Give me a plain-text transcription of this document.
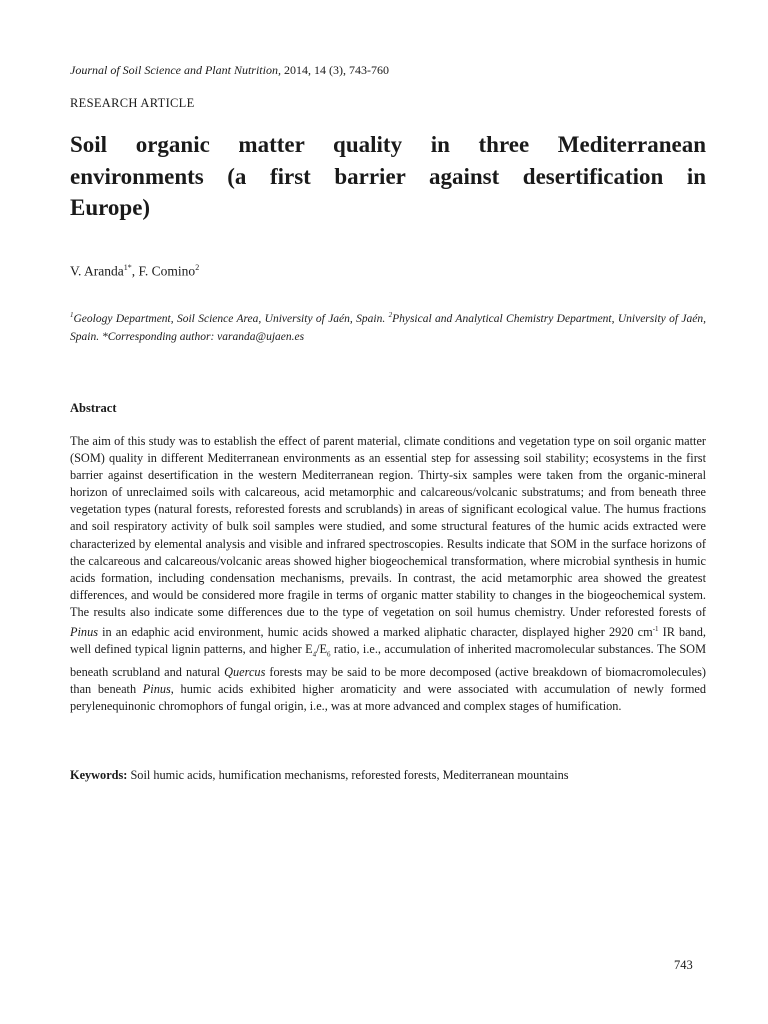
Journal of Soil Science and Plant Nutrition, 2014, 14 (3), 743-760
RESEARCH ARTICLE
Soil organic matter quality in three Mediterranean
environments (a first barrier against desertification in
Europe)
V. Aranda$^{1*}$, F. Comino$^2$
$^1$Geology Department, Soil Science Area, University of Jaén, Spain. $^2$Physical and Analytical Chemistry Department, University of Jaén, Spain. *Corresponding author: varanda@ujaen.es
Abstract

The aim of this study was to establish the effect of parent material, climate conditions and vegetation type on soil organic matter (SOM) quality in different Mediterranean environments as an essential step for assessing soil stability; ecosystems in the first barrier against desertification in the western Mediterranean region. Thirty-six samples were taken from the organic-mineral horizon of unreclaimed soils with calcareous, acid metamorphic and calcareous/volcanic substratums; and from beneath three vegetation types (natural forests, reforested forests and scrublands) in areas of significant ecological value. The humus fractions and soil respiratory activity of bulk soil samples were studied, and some structural features of the humic acids extracted were characterized by elemental analysis and visible and infrared spectroscopies. Results indicate that SOM in the surface horizons of the calcareous and calcareous/volcanic areas showed higher biogeochemical transformation, where microbial synthesis in humic acids formation, including condensation mechanisms, prevails. In contrast, the acid metamorphic area showed the greatest differences, and would be considered more fragile in terms of organic matter stability to changes in the biogeochemical system. The results also indicate some differences due to the type of vegetation on soil humus chemistry. Under reforested forests of Pinus in an edaphic acid environment, humic acids showed a marked aliphatic character, displayed higher 2920 $cm^{-1}$ IR band, well defined typical lignin patterns, and higher $E_4/E_6$ ratio, i.e., accumulation of inherited macromolecular substances. The SOM beneath scrubland and natural Quercus forests may be said to be more decomposed (active breakdown of biomacromolecules) than beneath Pinus, humic acids exhibited higher aromaticity and were associated with accumulation of newly formed perylenequinonic chromophors of fungal origin, i.e., was at more advanced and complex stages of humification.

Keywords: Soil humic acids, humification mechanisms, reforested forests, Mediterranean mountains
743
